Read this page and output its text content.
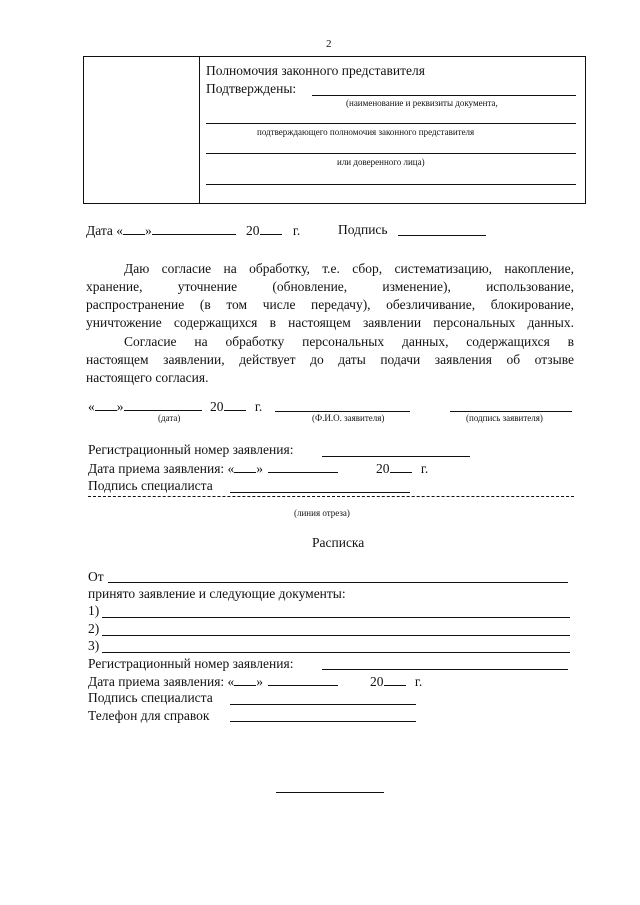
2
Полномочия законного представителя
Подтверждены:
(наименование и реквизиты документа,
подтверждающего полномочия законного представителя
или доверенного лица)
Дата « »	20 г.	Подпись
Даю согласие на обработку, т.е. сбор, систематизацию, накопление,
хранение, уточнение (обновление, изменение), использование,
распространение (в том числе передачу), обезличивание, блокирование,
уничтожение содержащихся в настоящем заявлении персональных данных.
Согласие на обработку персональных данных, содержащихся в
настоящем заявлении, действует до даты подачи заявления об отзыве
настоящего согласия.
« »	20 г.
(дата)	(Ф.И.О. заявителя)	(подпись заявителя)
Регистрационный номер заявления:
Дата приема заявления: « »	20 г.
Подпись специалиста
(линия отреза)
Расписка
От
принято заявление и следующие документы:
1)
2)
3)
Регистрационный номер заявления:
Дата приема заявления: « »	20 г.
Подпись специалиста
Телефон для справок
